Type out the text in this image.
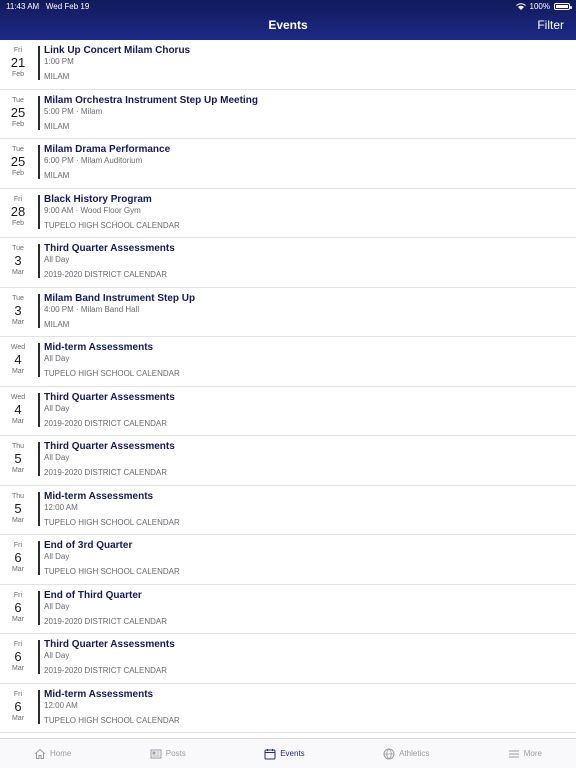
11:43 AM Wed Feb 19	100%
Events	Filter
Fri
21
Feb
Link Up Concert Milam Chorus
1:00 PM
MILAM
Tue
25
Feb
Milam Orchestra Instrument Step Up Meeting
5:00 PM · Milam
MILAM
Tue
25
Feb
Milam Drama Performance
6:00 PM · Milam Auditorium
MILAM
Fri
28
Feb
Black History Program
9:00 AM · Wood Floor Gym
TUPELO HIGH SCHOOL CALENDAR
Tue
3
Mar
Third Quarter Assessments
All Day
2019-2020 DISTRICT CALENDAR
Tue
3
Mar
Milam Band Instrument Step Up
4:00 PM · Milam Band Hall
MILAM
Wed
4
Mar
Mid-term Assessments
All Day
TUPELO HIGH SCHOOL CALENDAR
Wed
4
Mar
Third Quarter Assessments
All Day
2019-2020 DISTRICT CALENDAR
Thu
5
Mar
Third Quarter Assessments
All Day
2019-2020 DISTRICT CALENDAR
Thu
5
Mar
Mid-term Assessments
12:00 AM
TUPELO HIGH SCHOOL CALENDAR
Fri
6
Mar
End of 3rd Quarter
All Day
TUPELO HIGH SCHOOL CALENDAR
Fri
6
Mar
End of Third Quarter
All Day
2019-2020 DISTRICT CALENDAR
Fri
6
Mar
Third Quarter Assessments
All Day
2019-2020 DISTRICT CALENDAR
Fri
6
Mar
Mid-term Assessments
12:00 AM
TUPELO HIGH SCHOOL CALENDAR
Home	Posts	Events	Athletics	More
